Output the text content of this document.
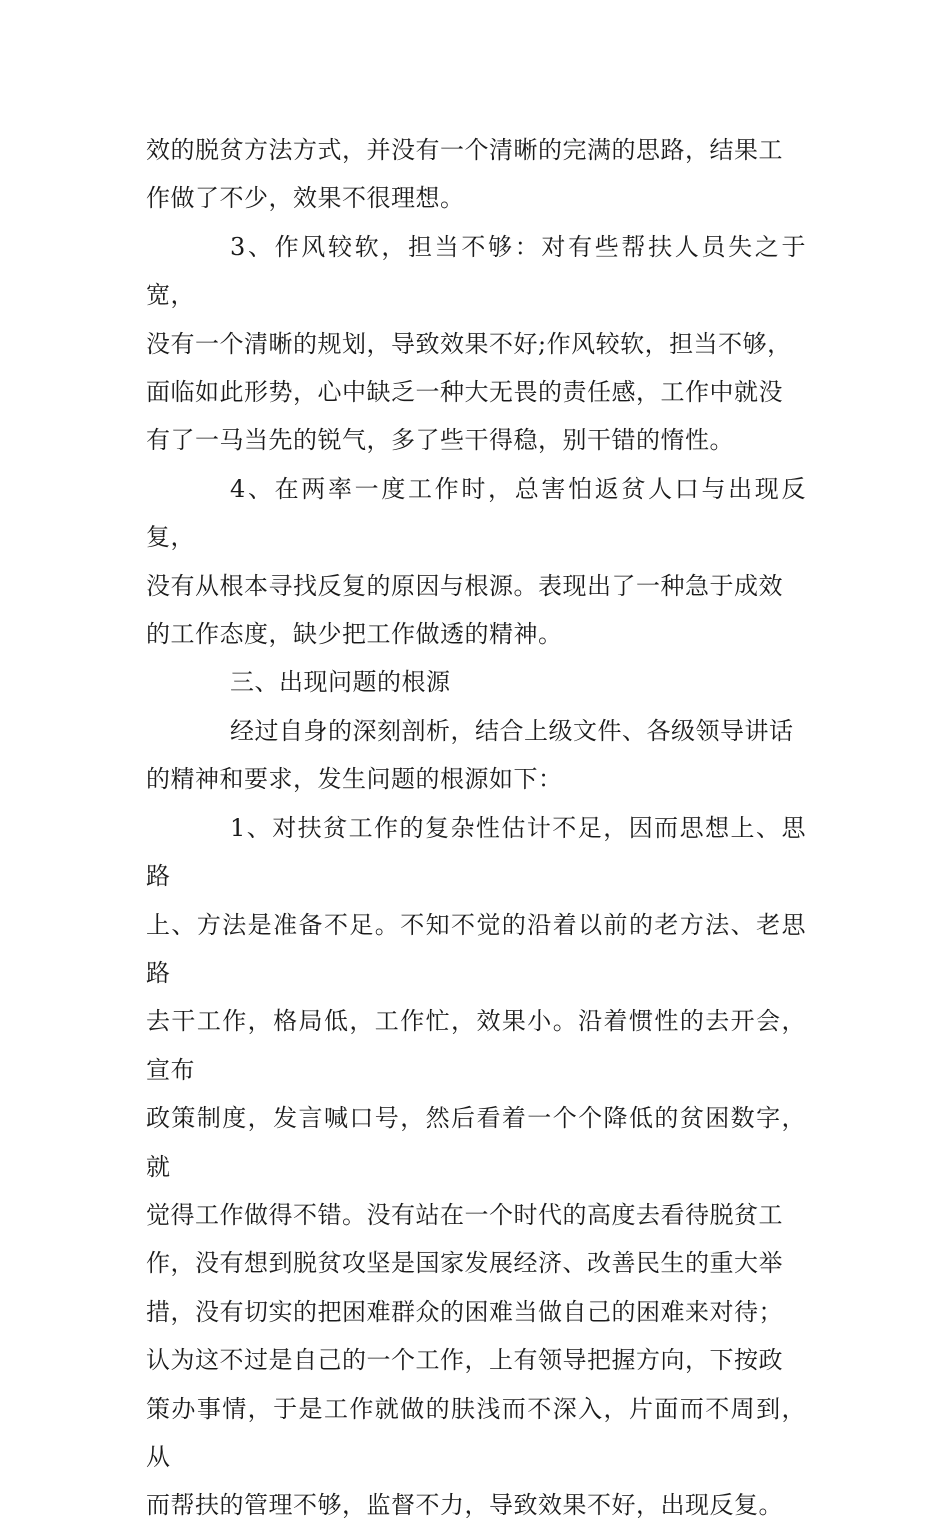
效的脱贫方法方式，并没有一个清晰的完满的思路，结果工
作做了不少，效果不很理想。
3、作风较软，担当不够：对有些帮扶人员失之于宽，
没有一个清晰的规划，导致效果不好;作风较软，担当不够，
面临如此形势，心中缺乏一种大无畏的责任感，工作中就没
有了一马当先的锐气，多了些干得稳，别干错的惰性。
4、在两率一度工作时，总害怕返贫人口与出现反复，
没有从根本寻找反复的原因与根源。表现出了一种急于成效
的工作态度，缺少把工作做透的精神。
三、出现问题的根源
经过自身的深刻剖析，结合上级文件、各级领导讲话
的精神和要求，发生问题的根源如下：
1、对扶贫工作的复杂性估计不足，因而思想上、思路
上、方法是准备不足。不知不觉的沿着以前的老方法、老思路
去干工作，格局低，工作忙，效果小。沿着惯性的去开会，宣布
政策制度，发言喊口号，然后看着一个个降低的贫困数字，就
觉得工作做得不错。没有站在一个时代的高度去看待脱贫工
作，没有想到脱贫攻坚是国家发展经济、改善民生的重大举
措，没有切实的把困难群众的困难当做自己的困难来对待；
认为这不过是自己的一个工作，上有领导把握方向，下按政
策办事情，于是工作就做的肤浅而不深入，片面而不周到，从
而帮扶的管理不够，监督不力，导致效果不好，出现反复。
